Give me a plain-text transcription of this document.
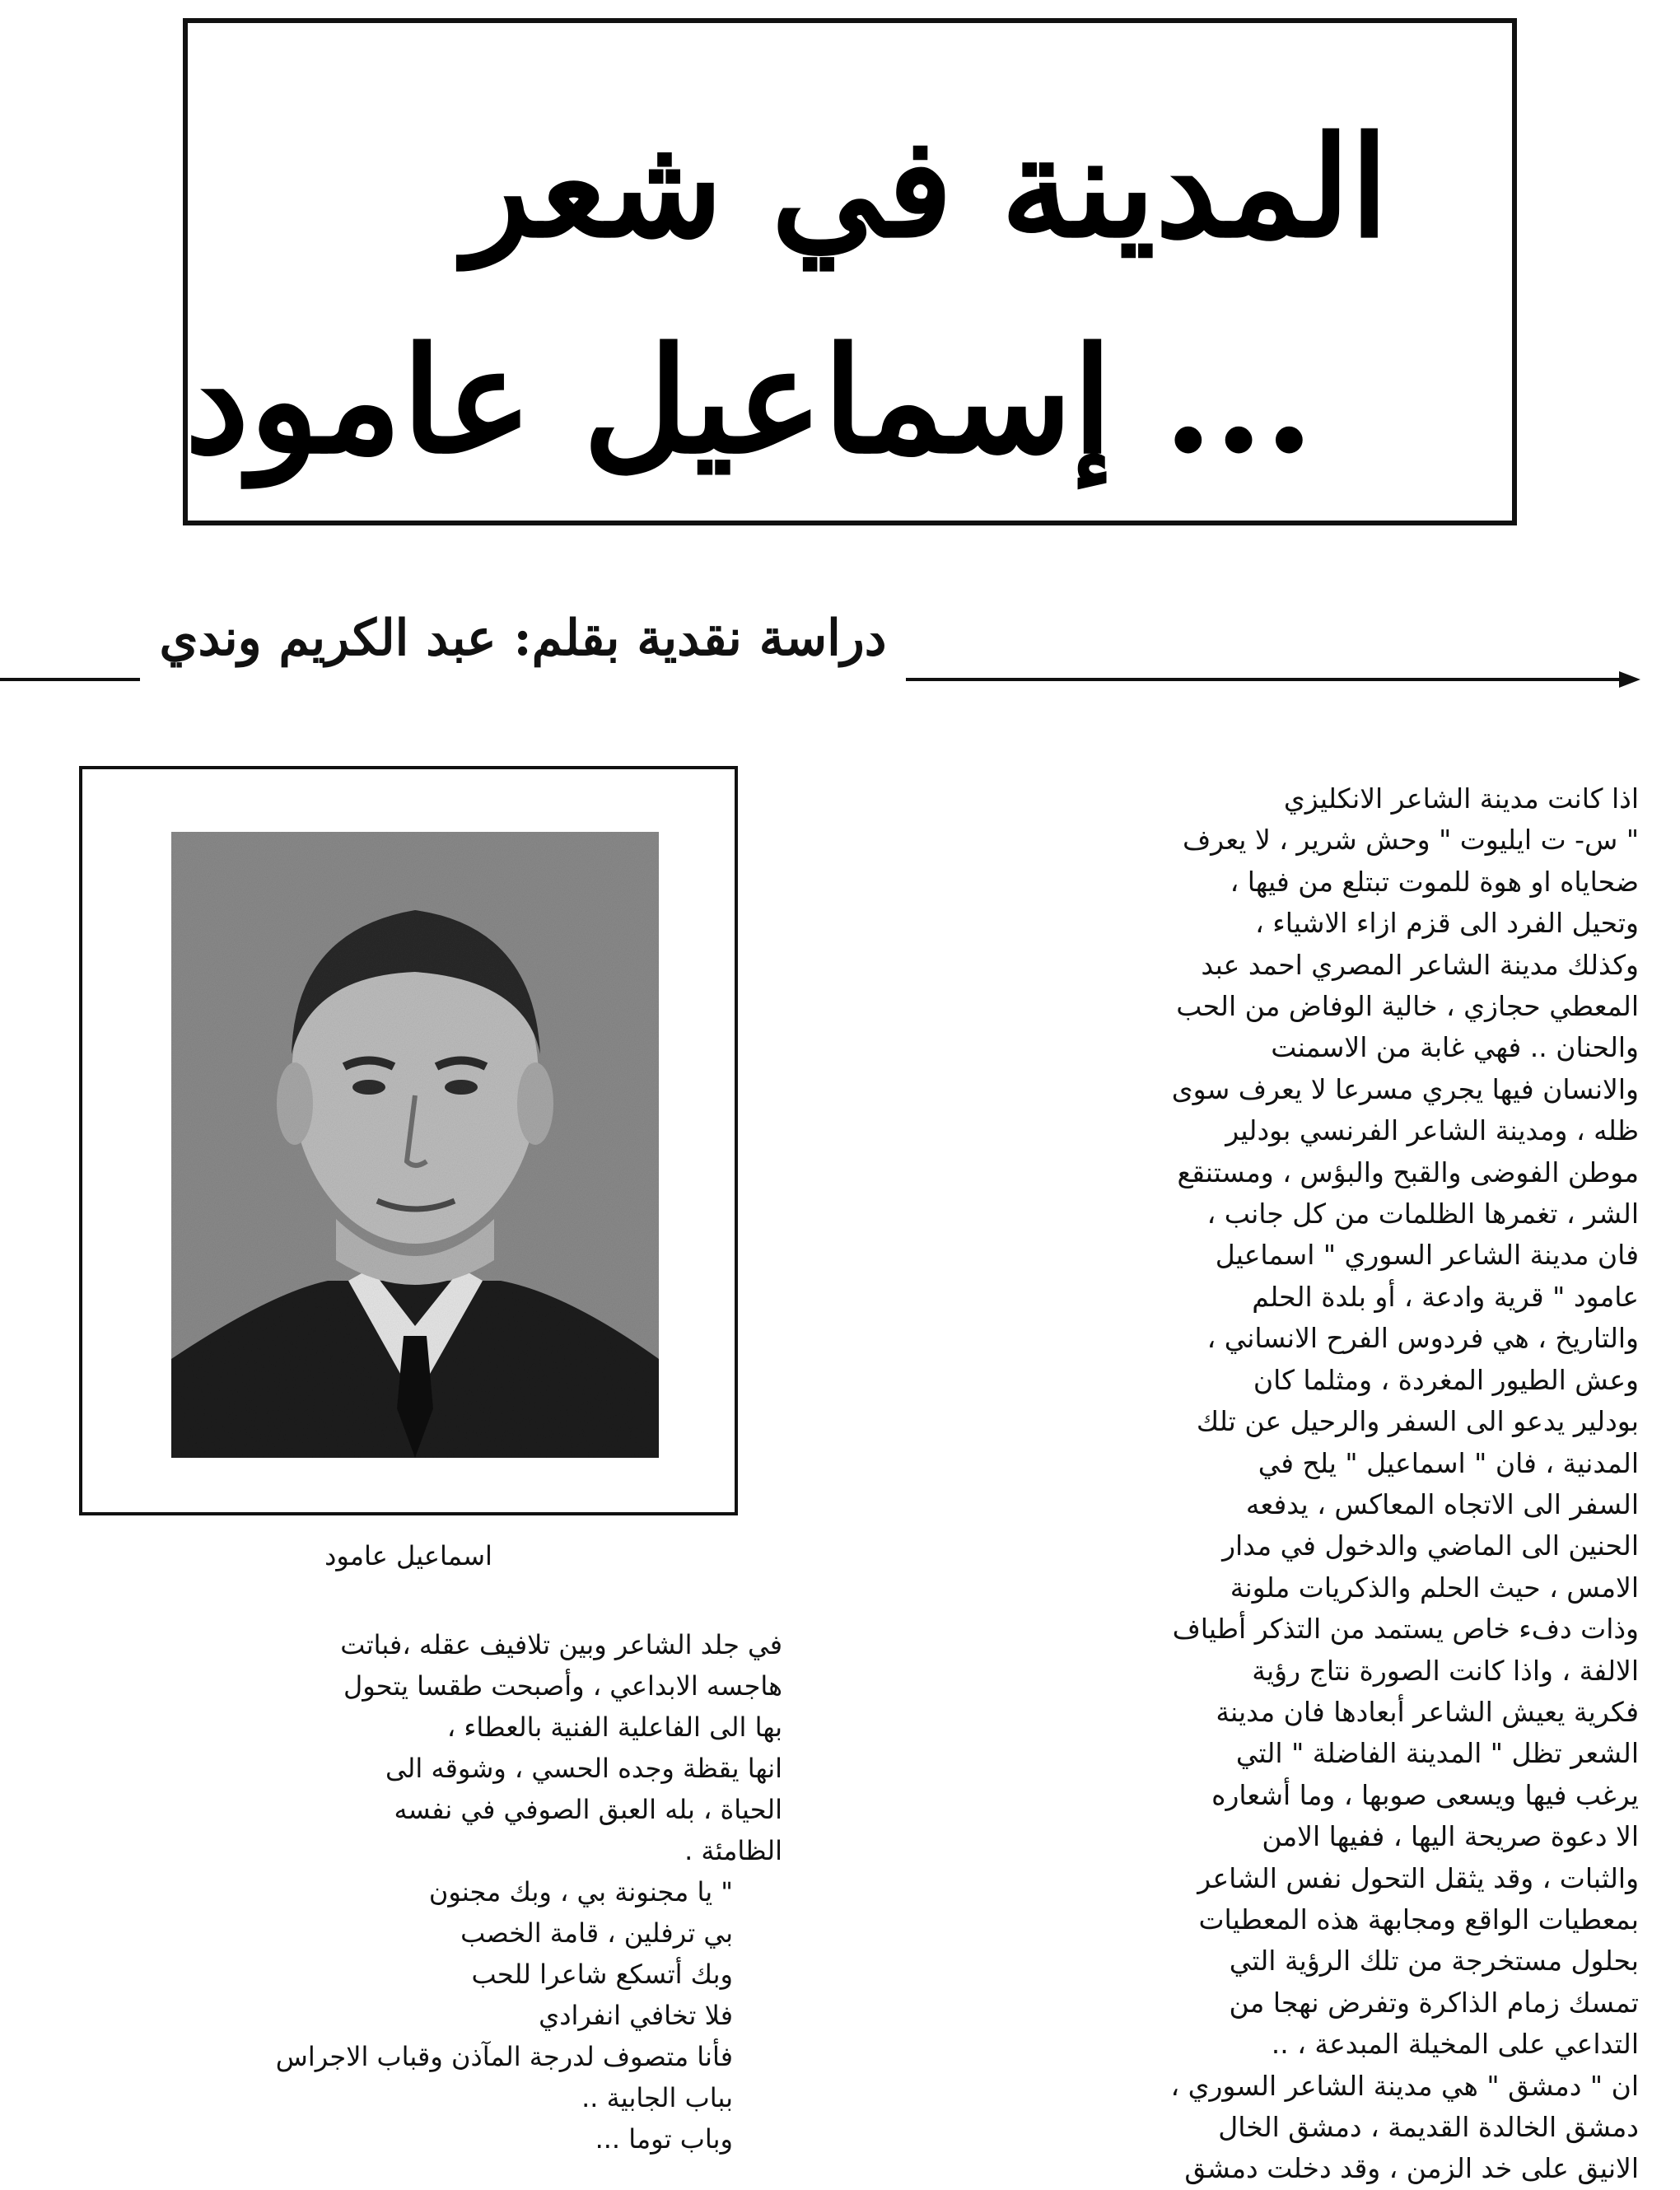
المدينة في شعر
... إسماعيل عامود

دراسة نقدية بقلم: عبد الكريم وندي

اسماعيل عامود

اذا كانت مدينة الشاعر الانكليزي

" س- ت ايليوت " وحش شرير ، لا يعرف

ضحاياه او هوة للموت تبتلع من فيها ،

وتحيل الفرد الى قزم ازاء الاشياء ،

وكذلك مدينة الشاعر المصري احمد عبد

المعطي حجازي ، خالية الوفاض من الحب

والحنان .. فهي غابة من الاسمنت

والانسان فيها يجري مسرعا لا يعرف سوى

ظله ، ومدينة الشاعر الفرنسي بودلير

موطن الفوضى والقبح والبؤس ، ومستنقع

الشر ، تغمرها الظلمات من كل جانب ،

فان مدينة الشاعر السوري " اسماعيل

عامود " قرية وادعة ، أو بلدة الحلم

والتاريخ ، هي فردوس الفرح الانساني ،

وعش الطيور المغردة ، ومثلما كان

بودلير يدعو الى السفر والرحيل عن تلك

المدنية ، فان " اسماعيل " يلح في

السفر الى الاتجاه المعاكس ، يدفعه

الحنين الى الماضي والدخول في مدار

الامس ، حيث الحلم والذكريات ملونة

وذات دفء خاص يستمد من التذكر أطياف

الالفة ، واذا كانت الصورة نتاج رؤية

فكرية يعيش الشاعر أبعادها فان مدينة

الشعر تظل " المدينة الفاضلة " التي

يرغب فيها ويسعى صوبها ، وما أشعاره

الا دعوة صريحة اليها ، ففيها الامن

والثبات ، وقد يثقل التحول نفس الشاعر

بمعطيات الواقع ومجابهة هذه المعطيات

بحلول مستخرجة من تلك الرؤية التي

تمسك زمام الذاكرة وتفرض نهجا من

التداعي على المخيلة المبدعة ، ..

ان " دمشق " هي مدينة الشاعر السوري ،

دمشق الخالدة القديمة ، دمشق الخال

الانيق على خد الزمن ، وقد دخلت دمشق

في جلد الشاعر وبين تلافيف عقله ،فباتت

هاجسه الابداعي ، وأصبحت طقسا يتحول

بها الى الفاعلية الفنية بالعطاء ،

انها يقظة وجده الحسي ، وشوقه الى

الحياة ، بله العبق الصوفي في نفسه

الظامئة .

" يا مجنونة بي ، وبك مجنون

بي ترفلين ، قامة الخصب

وبك أتسكع شاعرا للحب

فلا تخافي انفرادي

فأنا متصوف لدرجة المآذن وقباب الاجراس

بباب الجابية ..

وباب توما ...
